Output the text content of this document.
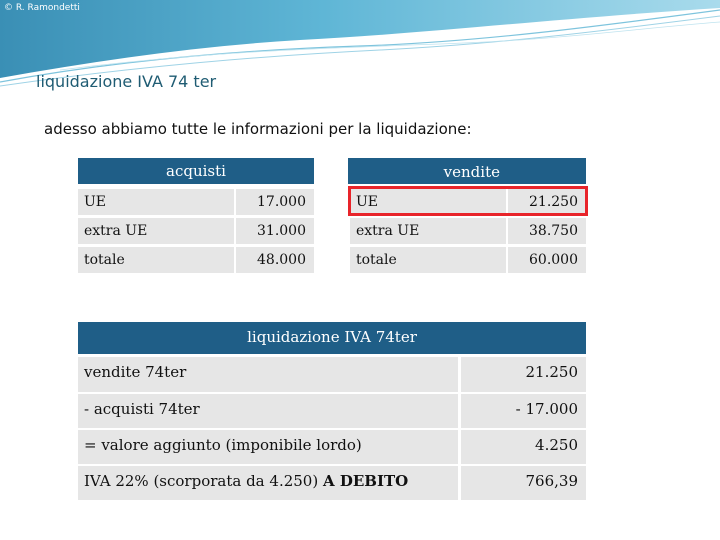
© R. Ramondetti
liquidazione IVA 74 ter
adesso abbiamo tutte le informazioni per la liquidazione:
acquisti
UE	17.000
extra UE	31.000
totale	48.000
vendite
UE	21.250
extra UE	38.750
totale	60.000
liquidazione IVA 74ter
vendite 74ter	21.250
- acquisti 74ter	- 17.000
= valore aggiunto (imponibile lordo)	4.250
IVA 22% (scorporata da 4.250) A DEBITO	766,39
